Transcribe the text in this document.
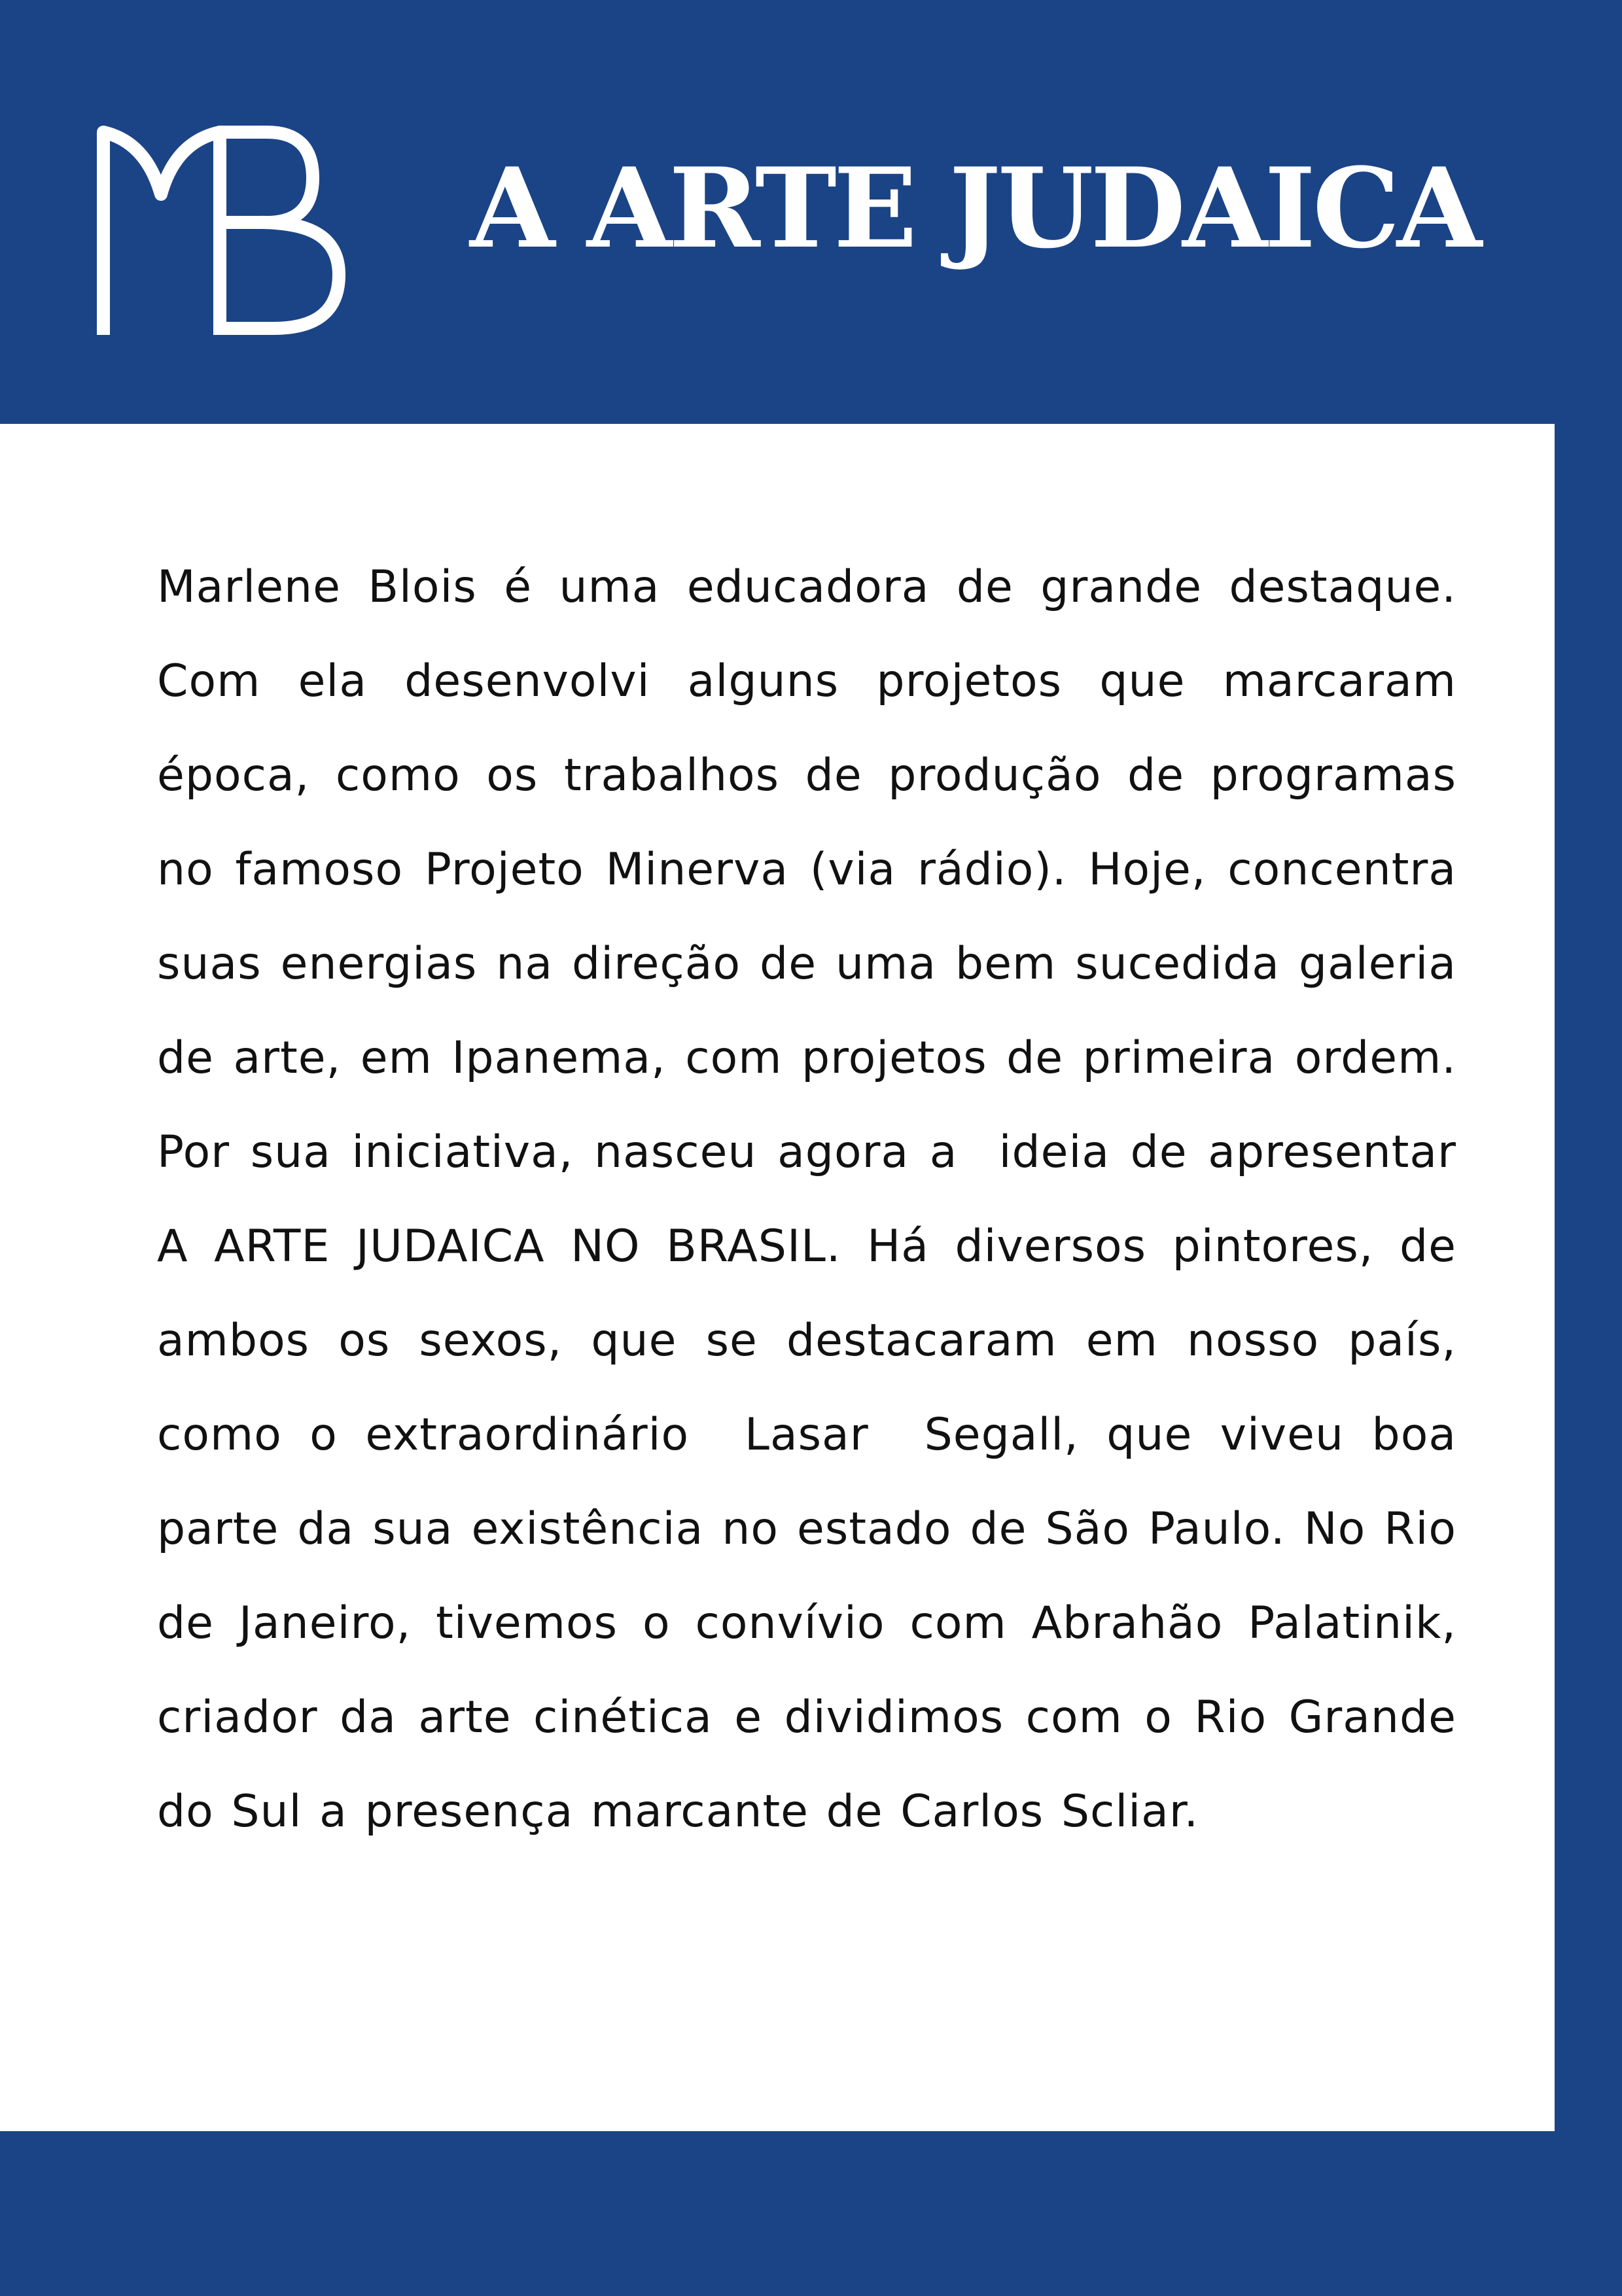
A ARTE JUDAICA

Marlene Blois é uma educadora de grande destaque. Com ela desenvolvi alguns projetos que marcaram época, como os trabalhos de produção de programas no famoso Projeto Minerva (via rádio). Hoje, concentra suas energias na direção de uma bem sucedida galeria de arte, em Ipanema, com projetos de primeira ordem. Por sua iniciativa, nasceu agora a  ideia de apresentar  A ARTE JUDAICA NO BRASIL. Há diversos pintores, de ambos os sexos, que se destacaram em nosso país, como o extraordinário  Lasar  Segall, que viveu boa parte da sua existência no estado de São Paulo. No Rio de Janeiro, tivemos o convívio com Abrahão Palatinik, criador da arte cinética e dividimos com o Rio Grande do Sul a presença marcante de Carlos Scliar.
